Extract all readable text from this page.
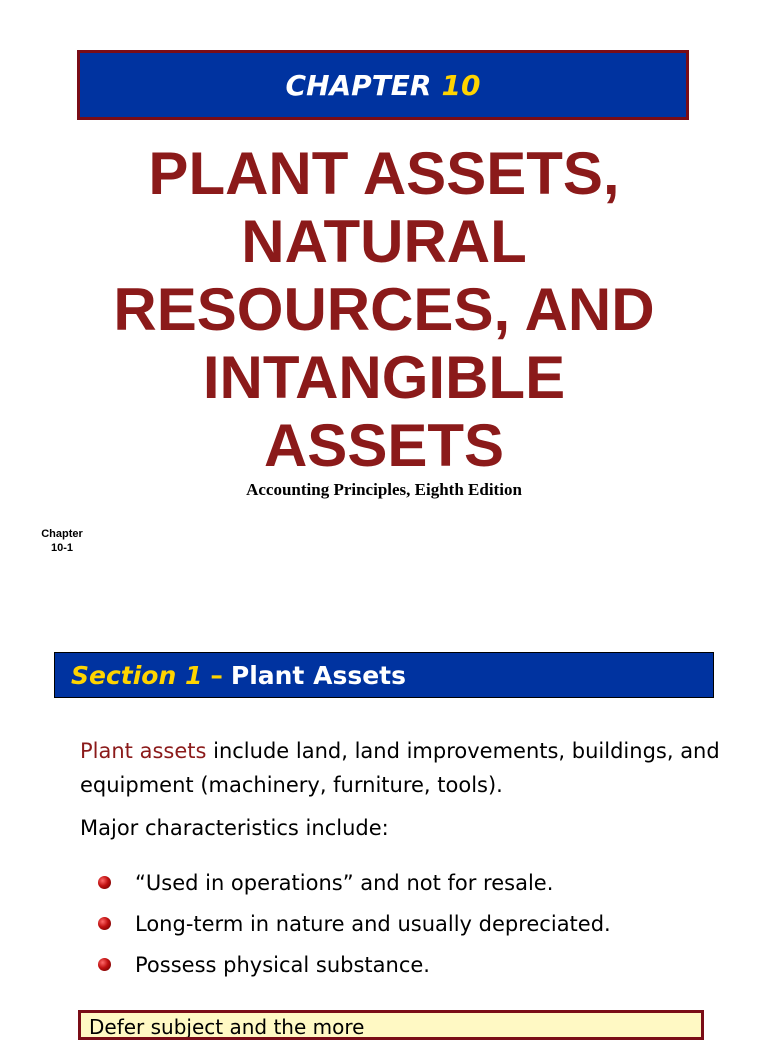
CHAPTER 10
PLANT ASSETS,
NATURAL
RESOURCES, AND
INTANGIBLE
ASSETS
Accounting Principles, Eighth Edition
Chapter
10-1
Section 1 – Plant Assets
Plant assets include land, land improvements, buildings, and equipment (machinery, furniture, tools).
Major characteristics include:
“Used in operations” and not for resale.
Long-term in nature and usually depreciated.
Possess physical substance.
Defer subject and the more
